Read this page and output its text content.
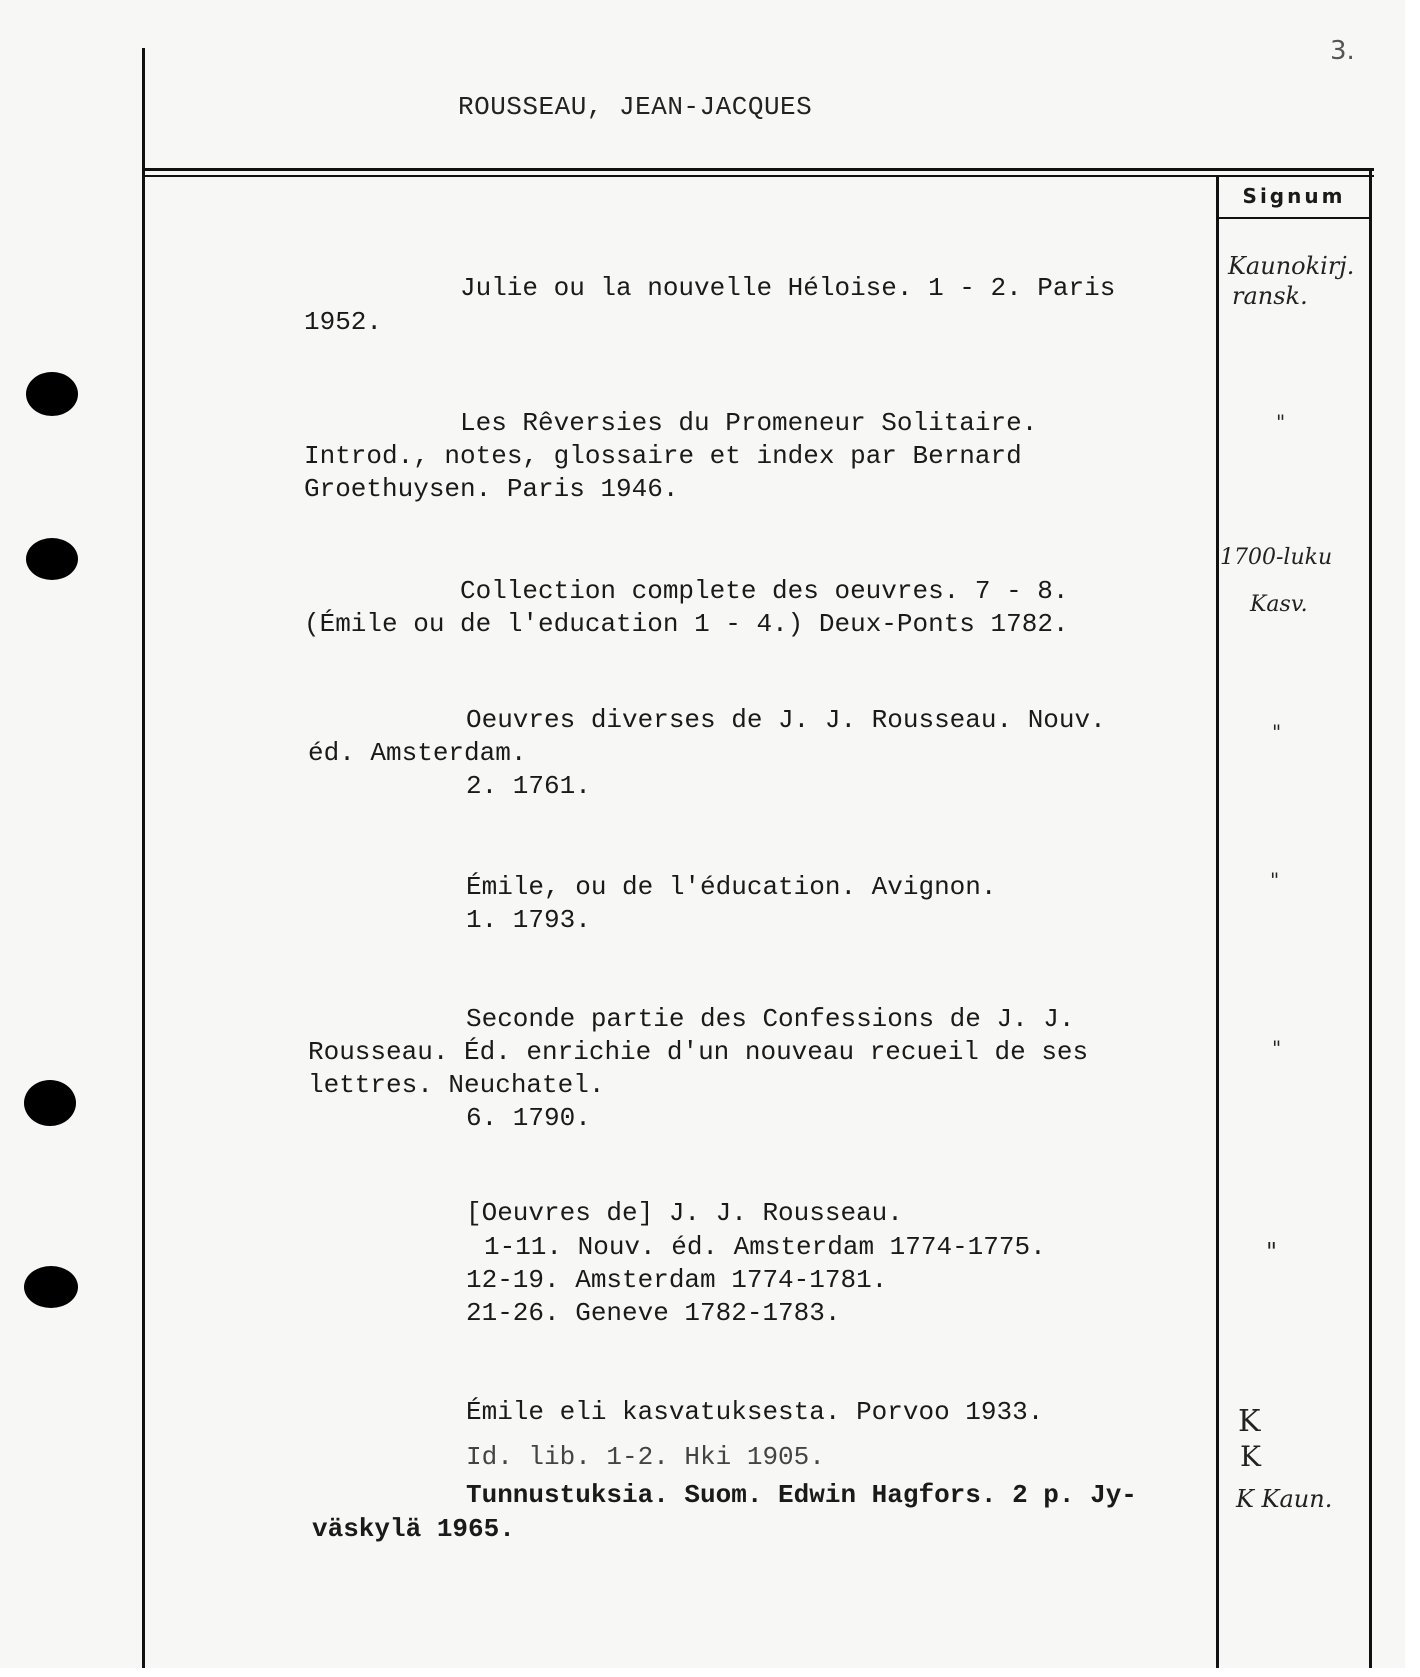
3.
ROUSSEAU, JEAN-JACQUES
Signum
Julie ou la nouvelle Héloise. 1 - 2. Paris
1952.
Les Rêversies du Promeneur Solitaire.
Introd., notes, glossaire et index par Bernard
Groethuysen. Paris 1946.
Collection complete des oeuvres. 7 - 8.
(Émile ou de l'education 1 - 4.) Deux-Ponts 1782.
Oeuvres diverses de J. J. Rousseau. Nouv.
éd. Amsterdam.
2. 1761.
Émile, ou de l'éducation. Avignon.
1. 1793.
Seconde partie des Confessions de J. J.
Rousseau. Éd. enrichie d'un nouveau recueil de ses
lettres. Neuchatel.
6. 1790.
[Oeuvres de] J. J. Rousseau.
1-11. Nouv. éd. Amsterdam 1774-1775.
12-19. Amsterdam 1774-1781.
21-26. Geneve 1782-1783.
Émile eli kasvatuksesta. Porvoo 1933.
Id. lib. 1-2. Hki 1905.
Tunnustuksia. Suom. Edwin Hagfors. 2 p. Jy-
väskylä 1965.
Kaunokirj.
ransk.
"
1700-luku
Kasv.
"
"
"
"
K
K
K Kaun.
